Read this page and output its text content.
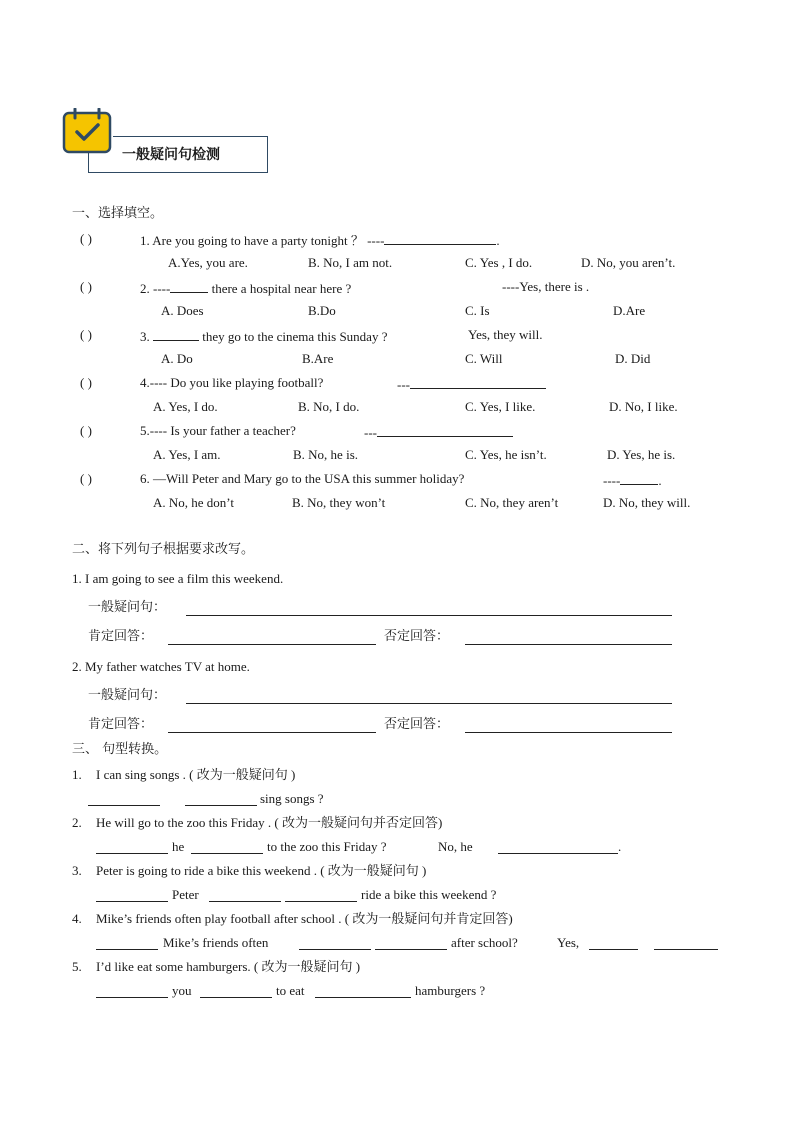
一般疑问句检测
一、选择填空。
( )	1. Are you going to have a party tonight ？ ----	.
A.Yes, you are.	B. No, I am not.	C. Yes , I do.	D. No, you aren’t.
( )	2. ----	there a hospital near here ?	----Yes, there is .
A. Does	B.Do	C. Is	D.Are
( )	3.	they go to the cinema this Sunday ?	Yes, they will.
A. Do	B.Are	C. Will	D. Did
( )	4.---- Do you like playing football?	---
A. Yes, I do.	B. No, I do.	C. Yes, I like.	D. No, I like.
( )	5.---- Is your father a teacher?	---
A. Yes, I am.	B. No, he is.	C. Yes, he isn’t.	D. Yes, he is.
( )	6. —Will Peter and Mary go to the USA this summer holiday?	----	.
A. No, he don’t	B. No, they won’t	C. No, they aren’t	D. No, they will.
二、将下列句子根据要求改写。
1. I am going to see a film this weekend.
一般疑问句：
肯定回答：	否定回答：
2. My father watches TV at home.
一般疑问句：
肯定回答：	否定回答：
三、 句型转换。
1. I can sing songs . ( 改为一般疑问句 )
sing songs ?
2. He will go to the zoo this Friday . ( 改为一般疑问句并否定回答)
he	to the zoo this Friday ?	No, he	.
3. Peter is going to ride a bike this weekend . ( 改为一般疑问句 )
Peter	ride a bike this weekend ?
4. Mike’s friends often play football after school . ( 改为一般疑问句并肯定回答)
Mike’s friends often	after school?	Yes,
5. I’d like eat some hamburgers. ( 改为一般疑问句 )
you	to eat	hamburgers ?
